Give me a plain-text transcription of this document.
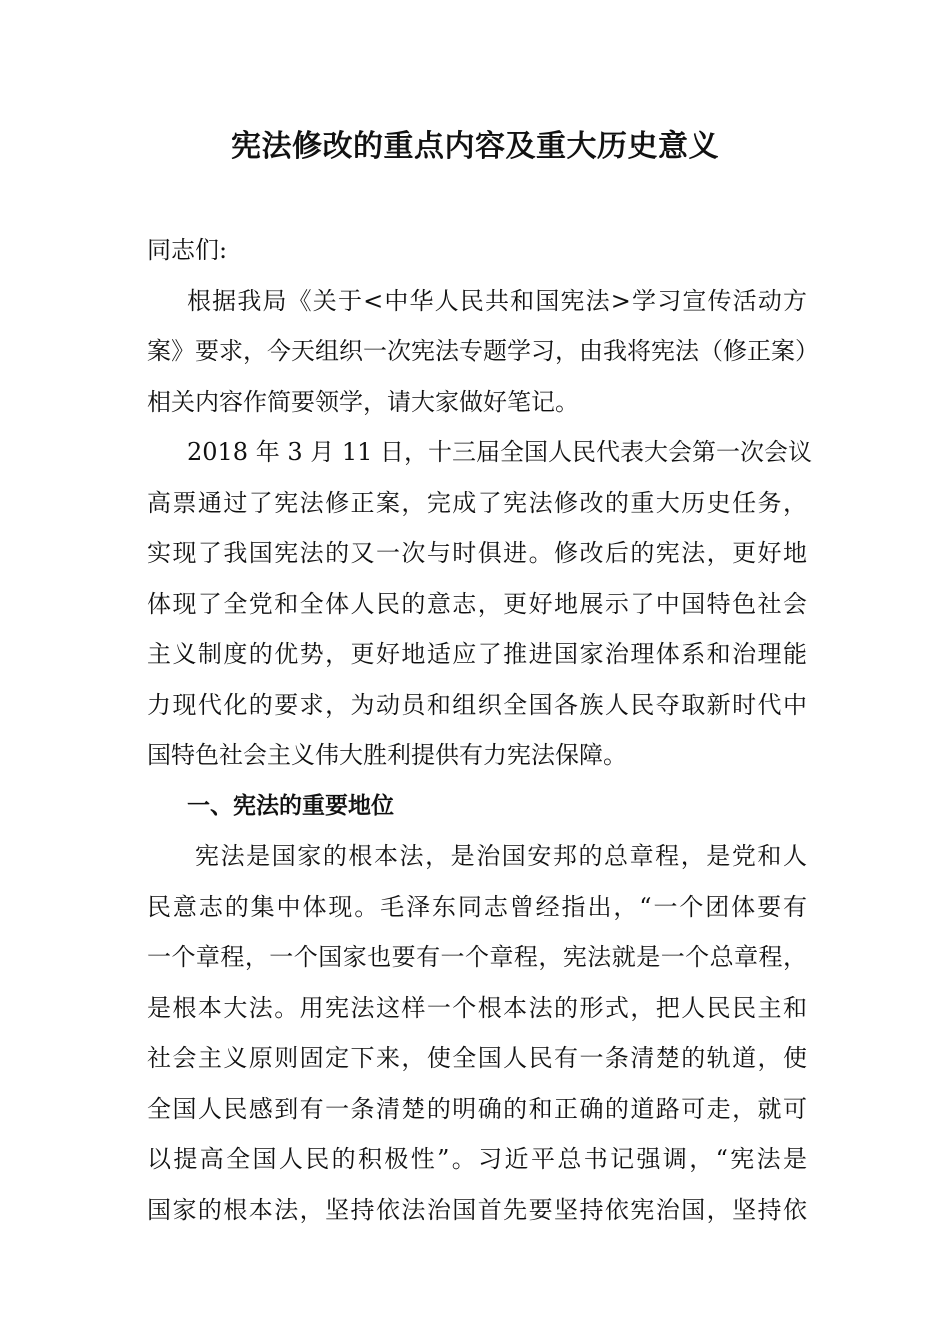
宪法修改的重点内容及重大历史意义
同志们:
根据我局《关于<中华人民共和国宪法>学习宣传活动方
案》要求，今天组织一次宪法专题学习，由我将宪法（修正案）
相关内容作简要领学，请大家做好笔记。
2018 年 3 月 11 日，十三届全国人民代表大会第一次会议
高票通过了宪法修正案，完成了宪法修改的重大历史任务，
实现了我国宪法的又一次与时俱进。修改后的宪法，更好地
体现了全党和全体人民的意志，更好地展示了中国特色社会
主义制度的优势，更好地适应了推进国家治理体系和治理能
力现代化的要求，为动员和组织全国各族人民夺取新时代中
国特色社会主义伟大胜利提供有力宪法保障。
一、宪法的重要地位
宪法是国家的根本法，是治国安邦的总章程，是党和人
民意志的集中体现。毛泽东同志曾经指出，“一个团体要有
一个章程，一个国家也要有一个章程，宪法就是一个总章程，
是根本大法。用宪法这样一个根本法的形式，把人民民主和
社会主义原则固定下来，使全国人民有一条清楚的轨道，使
全国人民感到有一条清楚的明确的和正确的道路可走，就可
以提高全国人民的积极性”。习近平总书记强调，“宪法是
国家的根本法，坚持依法治国首先要坚持依宪治国，坚持依
